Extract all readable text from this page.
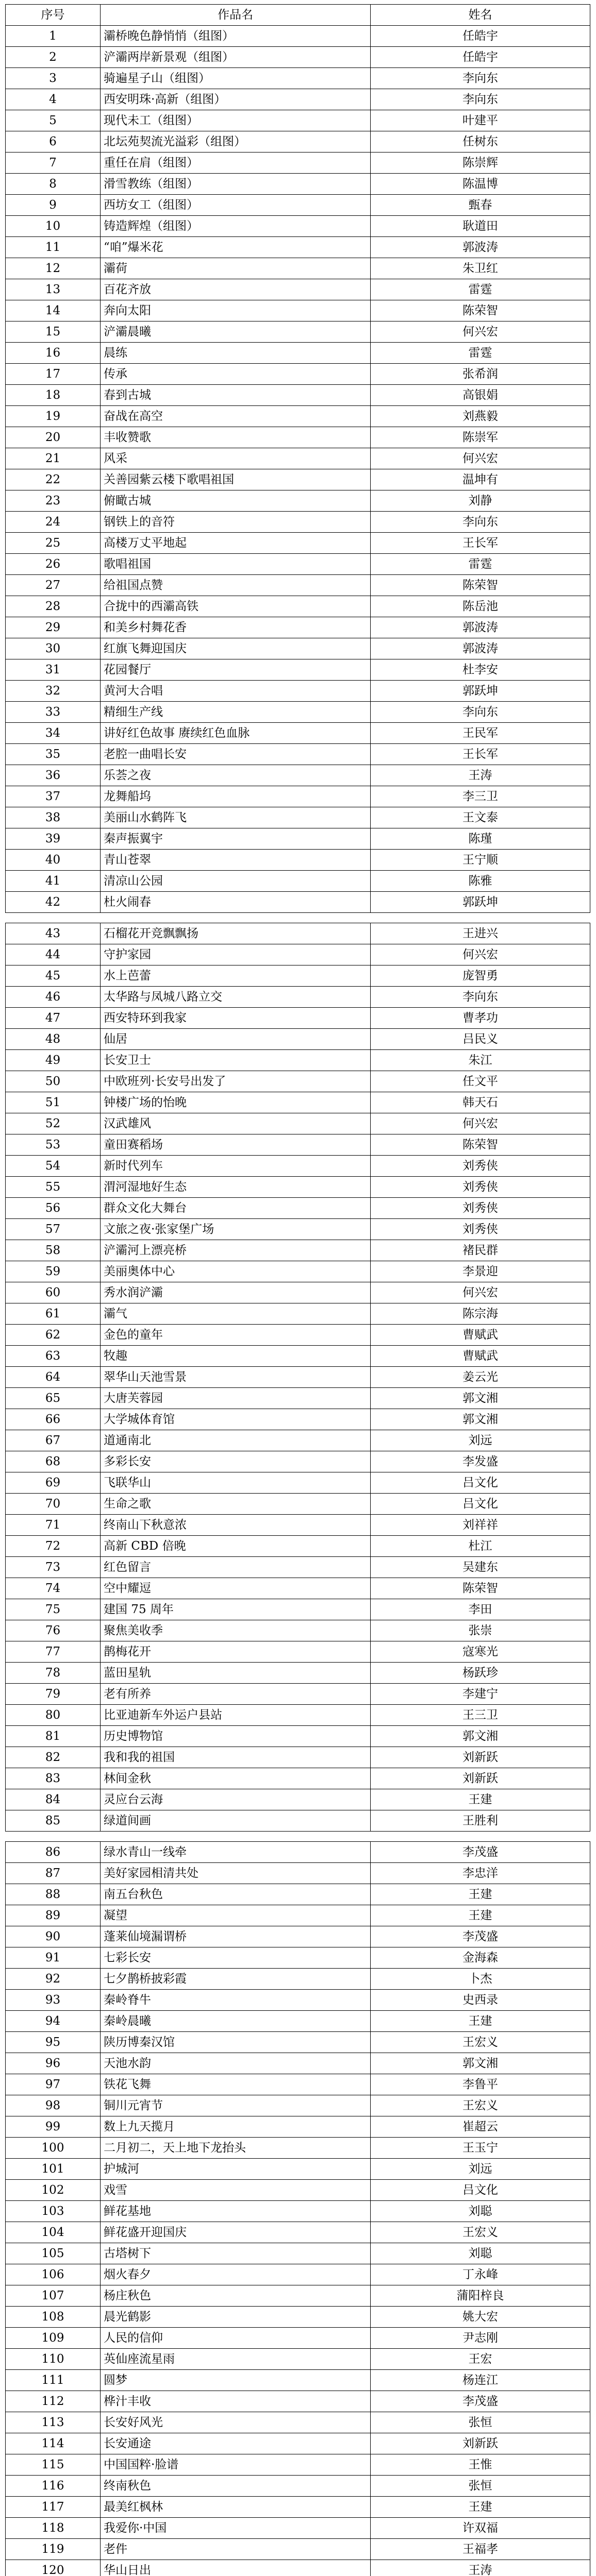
序号	作品名	姓名
1	灞桥晚色静悄悄（组图）	任皓宇
2	浐灞两岸新景观（组图）	任皓宇
3	骑遍星子山（组图）	李向东
4	西安明珠·高新（组图）	李向东
5	现代未工（组图）	叶建平
6	北坛苑契流光溢彩（组图）	任树东
7	重任在肩（组图）	陈崇辉
8	滑雪教练（组图）	陈温博
9	西坊女工（组图）	甄春
10	铸造辉煌（组图）	耿道田
11	“咱”爆米花	郭波涛
12	灞荷	朱卫红
13	百花齐放	雷霆
14	奔向太阳	陈荣智
15	浐灞晨曦	何兴宏
16	晨练	雷霆
17	传承	张希润
18	春到古城	高银娟
19	奋战在高空	刘燕毅
20	丰收赞歌	陈崇军
21	风采	何兴宏
22	关善园紫云楼下歌唱祖国	温坤有
23	俯瞰古城	刘静
24	钢铁上的音符	李向东
25	高楼万丈平地起	王长军
26	歌唱祖国	雷霆
27	给祖国点赞	陈荣智
28	合拢中的西灞高铁	陈岳池
29	和美乡村舞花香	郭波涛
30	红旗飞舞迎国庆	郭波涛
31	花园餐厅	杜李安
32	黄河大合唱	郭跃坤
33	精细生产线	李向东
34	讲好红色故事 赓续红色血脉	王民军
35	老腔一曲唱长安	王长军
36	乐荟之夜	王涛
37	龙舞船坞	李三卫
38	美丽山水鹤阵飞	王文泰
39	秦声振翼宇	陈瑾
40	青山苍翠	王宁顺
41	清凉山公园	陈雅
42	杜火闹春	郭跃坤

43	石榴花开竞飘飘扬	王进兴
44	守护家园	何兴宏
45	水上芭蕾	庞智勇
46	太华路与凤城八路立交	李向东
47	西安特环到我家	曹孝功
48	仙居	吕民义
49	长安卫士	朱江
50	中欧班列·长安号出发了	任文平
51	钟楼广场的怡晚	韩天石
52	汉武雄风	何兴宏
53	童田赛稻场	陈荣智
54	新时代列车	刘秀侠
55	渭河湿地好生态	刘秀侠
56	群众文化大舞台	刘秀侠
57	文旅之夜·张家堡广场	刘秀侠
58	浐灞河上漂亮桥	褚民群
59	美丽奥体中心	李景迎
60	秀水润浐灞	何兴宏
61	灞气	陈宗海
62	金色的童年	曹赋武
63	牧趣	曹赋武
64	翠华山天池雪景	姜云光
65	大唐芙蓉园	郭文湘
66	大学城体育馆	郭文湘
67	道通南北	刘远
68	多彩长安	李发盛
69	飞联华山	吕文化
70	生命之歌	吕文化
71	终南山下秋意浓	刘祥祥
72	高新 CBD 倍晚	杜江
73	红色留言	吴建东
74	空中耀逗	陈荣智
75	建国 75 周年	李田
76	聚焦美收季	张崇
77	鹊梅花开	寇寒光
78	蓝田星轨	杨跃珍
79	老有所养	李建宁
80	比亚迪新车外运户县站	王三卫
81	历史博物馆	郭文湘
82	我和我的祖国	刘新跃
83	林间金秋	刘新跃
84	灵应台云海	王建
85	绿道间画	王胜利

86	绿水青山一线牵	李茂盛
87	美好家园相清共处	李忠洋
88	南五台秋色	王建
89	凝望	王建
90	蓬莱仙境漏谓桥	李茂盛
91	七彩长安	金海森
92	七夕鹊桥披彩霞	卜杰
93	秦岭脊牛	史西录
94	秦岭晨曦	王建
95	陕历博秦汉馆	王宏义
96	天池水韵	郭文湘
97	铁花飞舞	李鲁平
98	铜川元宵节	王宏义
99	数上九天揽月	崔超云
100	二月初二，天上地下龙抬头	王玉宁
101	护城河	刘远
102	戏雪	吕文化
103	鲜花基地	刘聪
104	鲜花盛开迎国庆	王宏义
105	古塔树下	刘聪
106	烟火春夕	丁永峰
107	杨庄秋色	蒲阳梓良
108	晨光鹤影	姚大宏
109	人民的信仰	尹志刚
110	英仙座流星雨	王宏
111	圆梦	杨连江
112	桦汁丰收	李茂盛
113	长安好风光	张恒
114	长安通途	刘新跃
115	中国国粹·脸谱	王惟
116	终南秋色	张恒
117	最美红枫林	王建
118	我爱你·中国	许双福
119	老件	王福孝
120	华山日出	王涛
